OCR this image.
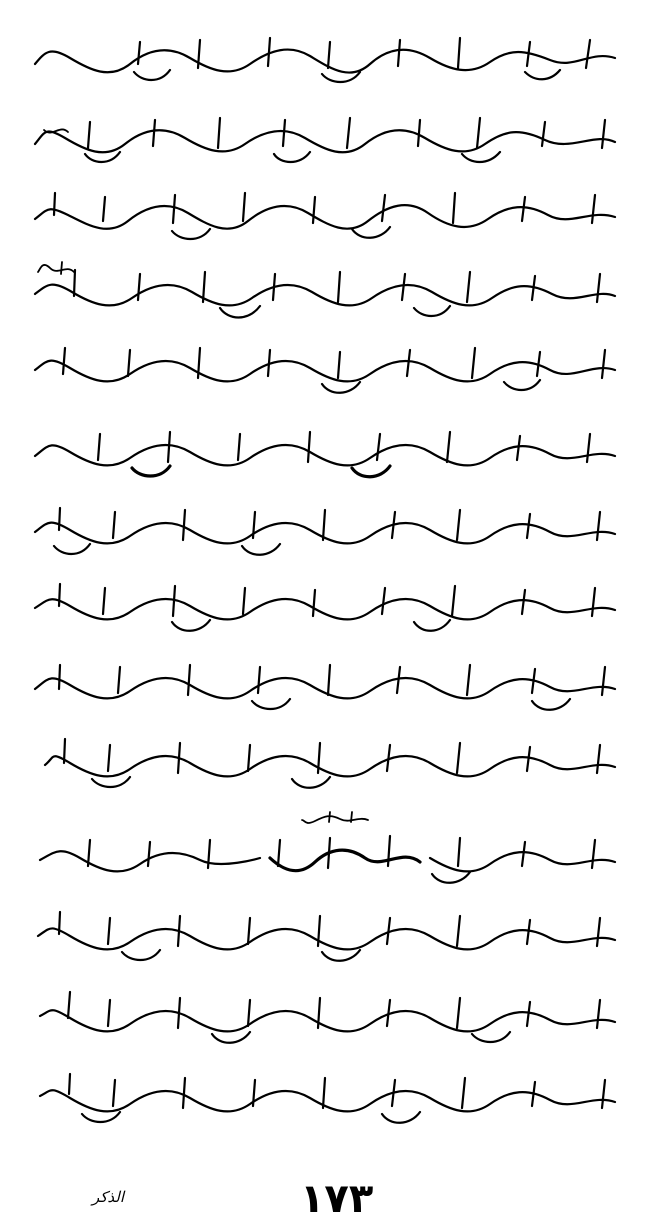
الذكر	١٧٣
